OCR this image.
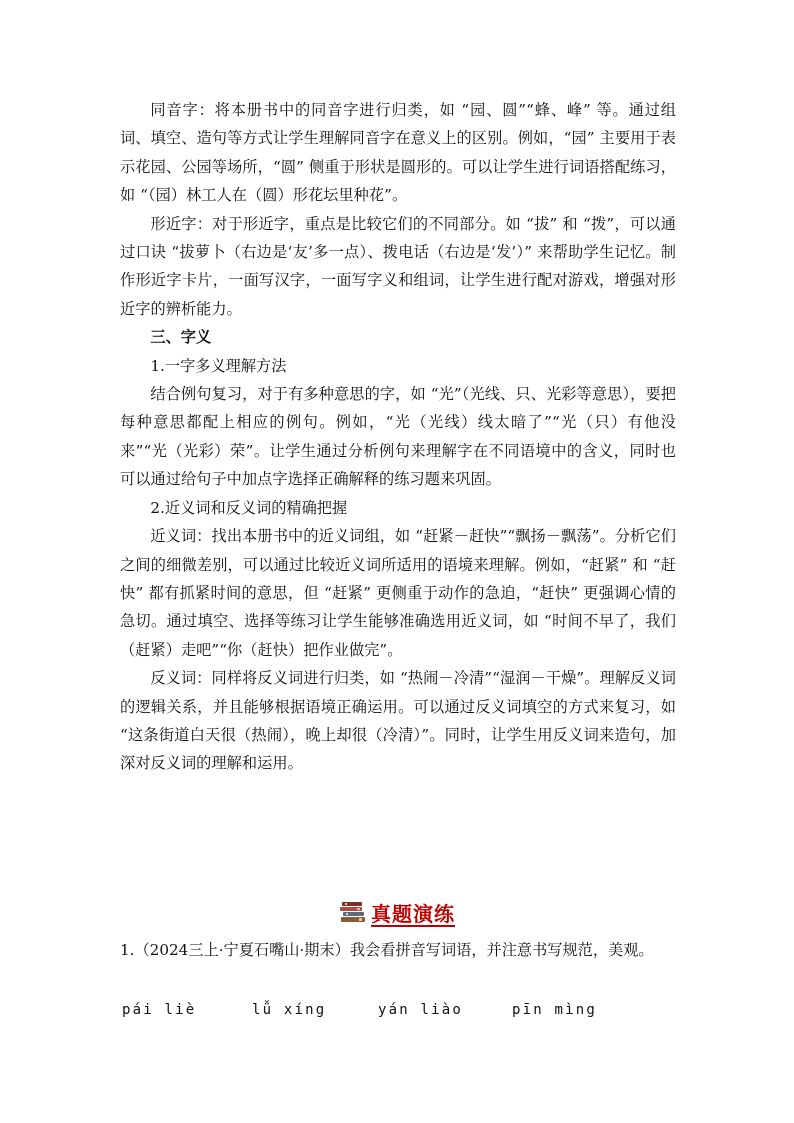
同音字：将本册书中的同音字进行归类，如 “园、圆”“蜂、峰” 等。通过组词、填空、造句等方式让学生理解同音字在意义上的区别。例如，“园” 主要用于表示花园、公园等场所，“圆” 侧重于形状是圆形的。可以让学生进行词语搭配练习，如 “（园）林工人在（圆）形花坛里种花”。

形近字：对于形近字，重点是比较它们的不同部分。如 “拔” 和 “拨”，可以通过口诀 “拔萝卜（右边是‘友’多一点）、拨电话（右边是‘发’）” 来帮助学生记忆。制作形近字卡片，一面写汉字，一面写字义和组词，让学生进行配对游戏，增强对形近字的辨析能力。

三、字义

1.一字多义理解方法

结合例句复习，对于有多种意思的字，如 “光”（光线、只、光彩等意思），要把每种意思都配上相应的例句。例如，“光（光线）线太暗了”“光（只）有他没来”“光（光彩）荣”。让学生通过分析例句来理解字在不同语境中的含义，同时也可以通过给句子中加点字选择正确解释的练习题来巩固。

2.近义词和反义词的精确把握

近义词：找出本册书中的近义词组，如 “赶紧－赶快”“飘扬－飘荡”。分析它们之间的细微差别，可以通过比较近义词所适用的语境来理解。例如，“赶紧” 和 “赶快” 都有抓紧时间的意思，但 “赶紧” 更侧重于动作的急迫，“赶快” 更强调心情的急切。通过填空、选择等练习让学生能够准确选用近义词，如 “时间不早了，我们（赶紧）走吧”“你（赶快）把作业做完”。

反义词：同样将反义词进行归类，如 “热闹－冷清”“湿润－干燥”。理解反义词的逻辑关系，并且能够根据语境正确运用。可以通过反义词填空的方式来复习，如 “这条街道白天很（热闹），晚上却很（冷清）”。同时，让学生用反义词来造句，加深对反义词的理解和运用。

真题演练

1.（2024三上·宁夏石嘴山·期末）我会看拼音写词语，并注意书写规范，美观。

pái liè	lǚ xíng	yán liào	pīn mìng
